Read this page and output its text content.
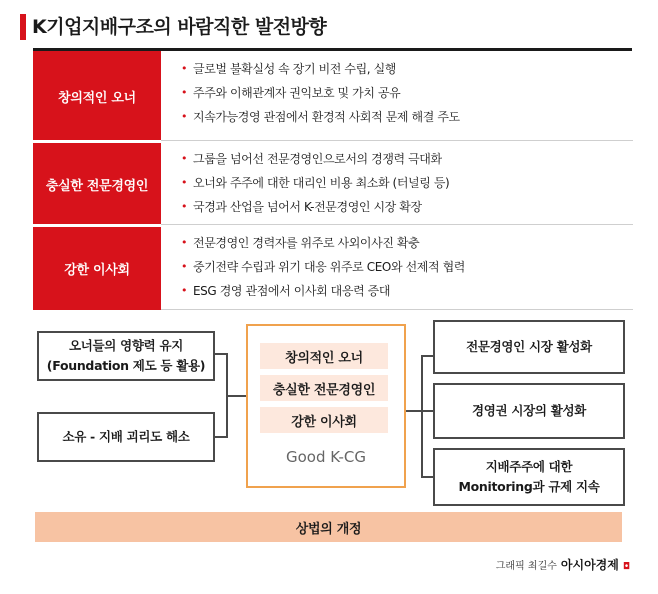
K기업지배구조의 바람직한 발전방향
창의적인 오너
• 글로벌 불확실성 속 장기 비전 수립, 실행
• 주주와 이해관계자 권익보호 및 가치 공유
• 지속가능경영 관점에서 환경적 사회적 문제 해결 주도
충실한 전문경영인
• 그룹을 넘어선 전문경영인으로서의 경쟁력 극대화
• 오너와 주주에 대한 대리인 비용 최소화 (터널링 등)
• 국경과 산업을 넘어서 K-전문경영인 시장 확장
강한 이사회
• 전문경영인 경력자를 위주로 사외이사진 확충
• 중기전략 수립과 위기 대응 위주로 CEO와 선제적 협력
• ESG 경영 관점에서 이사회 대응력 증대
오너들의 영향력 유지
(Foundation 제도 등 활용)
소유 - 지배 괴리도 해소
창의적인 오너
충실한 전문경영인
강한 이사회
Good K-CG
전문경영인 시장 활성화
경영권 시장의 활성화
지배주주에 대한
Monitoring과 규제 지속
상법의 개정
그래픽 최길수 아시아경제 ◘
